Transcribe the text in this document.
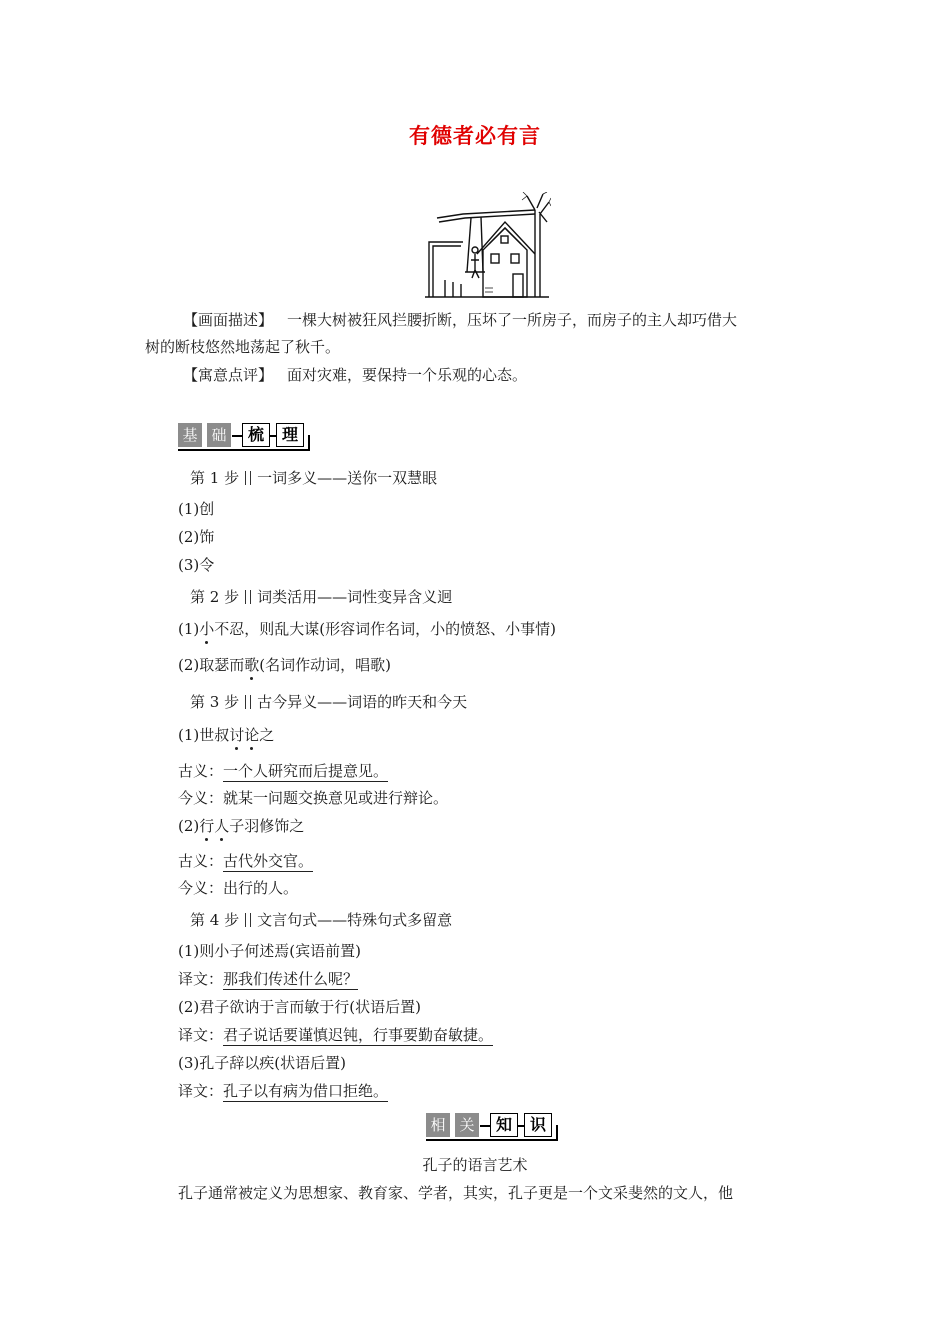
有德者必有言
【画面描述】 一棵大树被狂风拦腰折断，压坏了一所房子，而房子的主人却巧借大
树的断枝悠然地荡起了秋千。
【寓意点评】 面对灾难，要保持一个乐观的心态。
基 础	梳	理
第 1 步 一词多义——送你一双慧眼
(1)创
(2)饰
(3)令
第 2 步 词类活用——词性变异含义迥
(1)小不忍，则乱大谋(形容词作名词，小的愤怒、小事情)
(2)取瑟而歌(名词作动词，唱歌)
第 3 步 古今异义——词语的昨天和今天
(1)世叔讨论之
古义：一个人研究而后提意见。
今义：就某一问题交换意见或进行辩论。
(2)行人子羽修饰之
古义：古代外交官。
今义：出行的人。
第 4 步 文言句式——特殊句式多留意
(1)则小子何述焉(宾语前置)
译文：那我们传述什么呢？
(2)君子欲讷于言而敏于行(状语后置)
译文：君子说话要谨慎迟钝，行事要勤奋敏捷。
(3)孔子辞以疾(状语后置)
译文：孔子以有病为借口拒绝。
相 关	知	识
孔子的语言艺术
孔子通常被定义为思想家、教育家、学者，其实，孔子更是一个文采斐然的文人，他
